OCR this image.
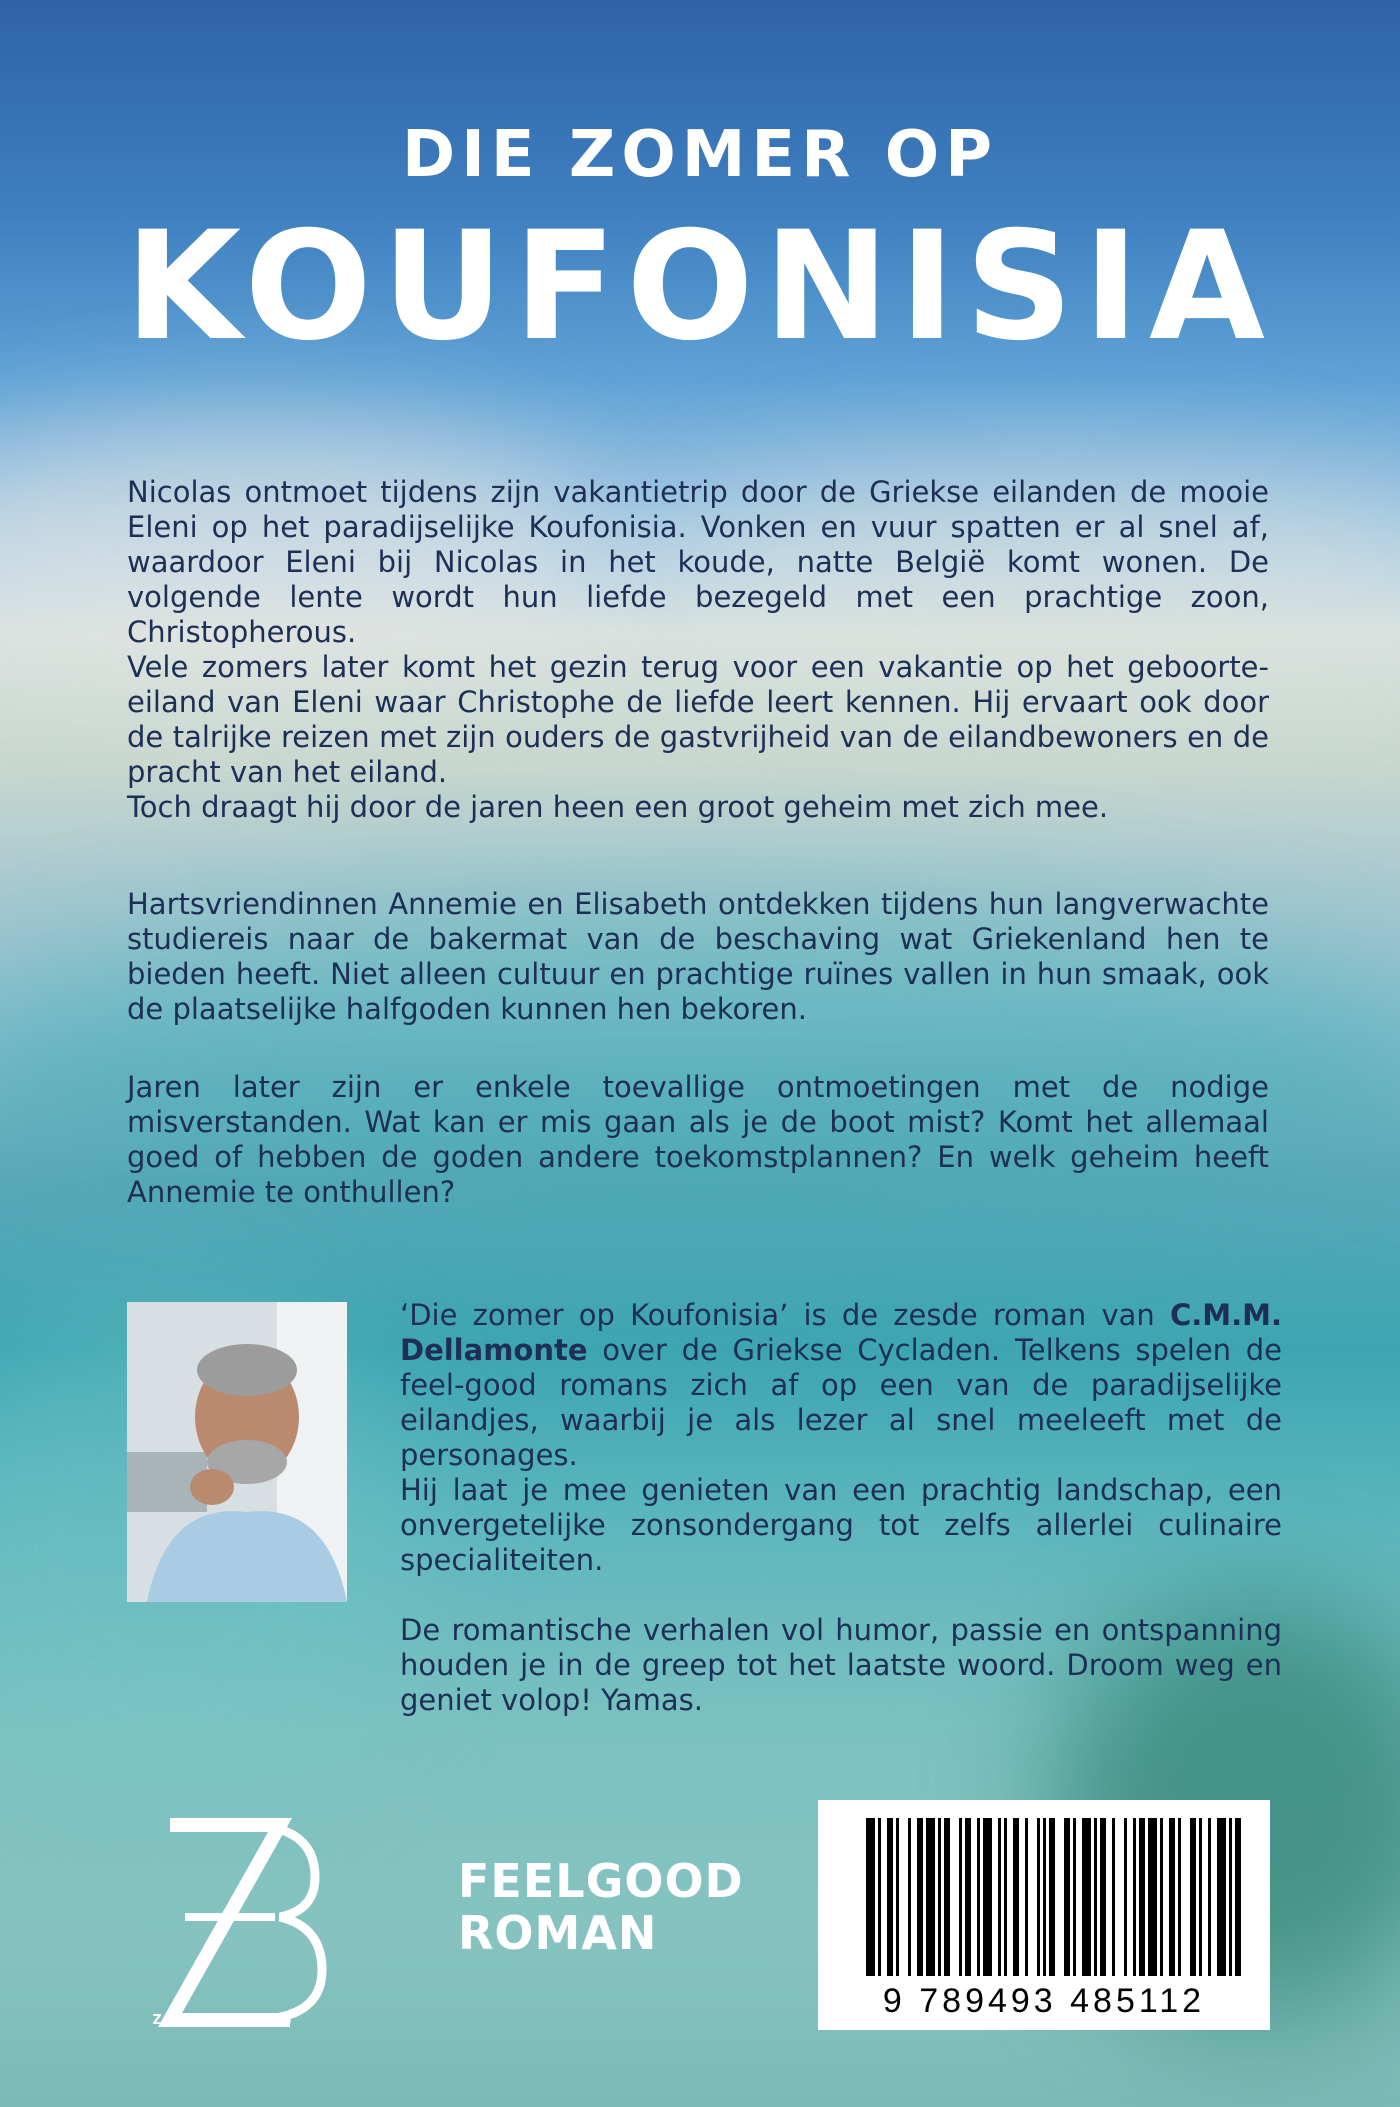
DIE ZOMER OP
KOUFONISIA

Nicolas ontmoet tijdens zijn vakantietrip door de Griekse eilanden de mooie Eleni op het paradijselijke Koufonisia. Vonken en vuur spatten er al snel af, waardoor Eleni bij Nicolas in het koude, natte België komt wonen. De volgende lente wordt hun liefde bezegeld met een prachtige zoon, Christopherous.

Vele zomers later komt het gezin terug voor een vakantie op het geboorte-eiland van Eleni waar Christophe de liefde leert kennen. Hij ervaart ook door de talrijke reizen met zijn ouders de gastvrijheid van de eilandbewoners en de pracht van het eiland.

Toch draagt hij door de jaren heen een groot geheim met zich mee.

Hartsvriendinnen Annemie en Elisabeth ontdekken tijdens hun langverwachte studiereis naar de bakermat van de beschaving wat Griekenland hen te bieden heeft. Niet alleen cultuur en prachtige ruïnes vallen in hun smaak, ook de plaatselijke halfgoden kunnen hen bekoren.

Jaren later zijn er enkele toevallige ontmoetingen met de nodige misverstanden. Wat kan er mis gaan als je de boot mist? Komt het allemaal goed of hebben de goden andere toekomstplannen? En welk geheim heeft Annemie te onthullen?

‘Die zomer op Koufonisia’ is de zesde roman van C.M.M. Dellamonte over de Griekse Cycladen. Telkens spelen de feel-good romans zich af op een van de paradijselijke eilandjes, waarbij je als lezer al snel meeleeft met de personages.

Hij laat je mee genieten van een prachtig landschap, een onvergetelijke zonsondergang tot zelfs allerlei culinaire specialiteiten.

De romantische verhalen vol humor, passie en ontspanning houden je in de greep tot het laatste woord. Droom weg en geniet volop! Yamas.

ZORSBOOKS
FEELGOOD
ROMAN
9 789493 485112
